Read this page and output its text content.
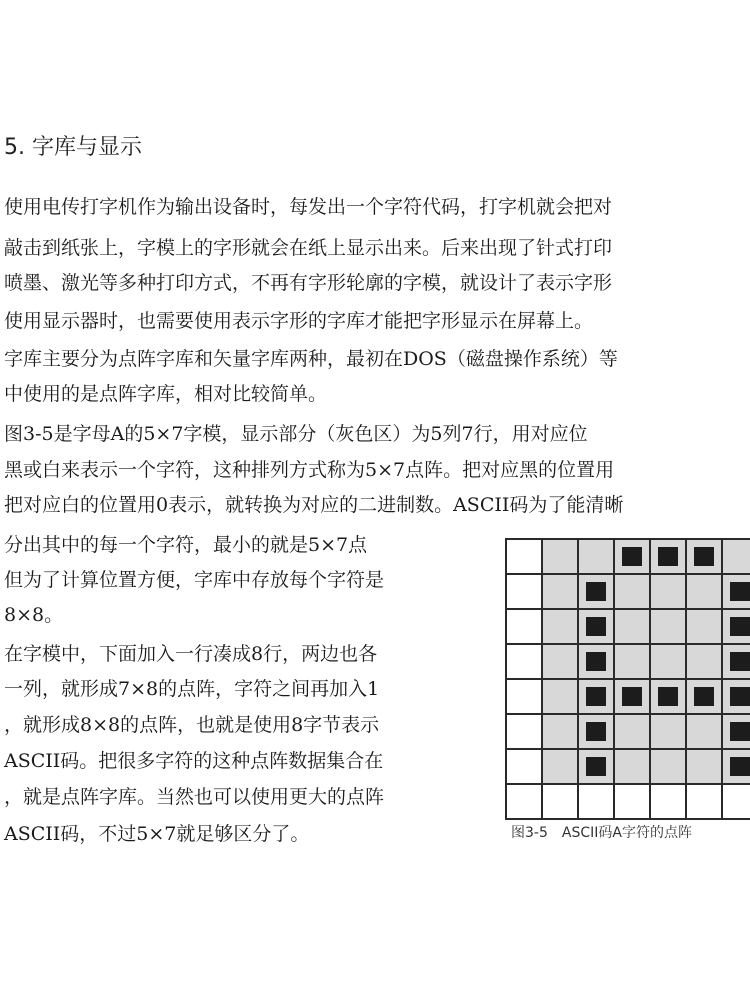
5. 字库与显示

使用电传打字机作为输出设备时，每发出一个字符代码，打字机就会把对

敲击到纸张上，字模上的字形就会在纸上显示出来。后来出现了针式打印

喷墨、激光等多种打印方式，不再有字形轮廓的字模，就设计了表示字形

使用显示器时，也需要使用表示字形的字库才能把字形显示在屏幕上。

字库主要分为点阵字库和矢量字库两种，最初在DOS（磁盘操作系统）等

中使用的是点阵字库，相对比较简单。

图3-5是字母A的5×7字模，显示部分（灰色区）为5列7行，用对应位

黑或白来表示一个字符，这种排列方式称为5×7点阵。把对应黑的位置用

把对应白的位置用0表示，就转换为对应的二进制数。ASCII码为了能清晰

分出其中的每一个字符，最小的就是5×7点

但为了计算位置方便，字库中存放每个字符是

8×8。

在字模中，下面加入一行凑成8行，两边也各

一列，就形成7×8的点阵，字符之间再加入1

，就形成8×8的点阵，也就是使用8字节表示

ASCII码。把很多字符的这种点阵数据集合在

，就是点阵字库。当然也可以使用更大的点阵

ASCII码，不过5×7就足够区分了。	图3-5　ASCII码A字符的点阵
